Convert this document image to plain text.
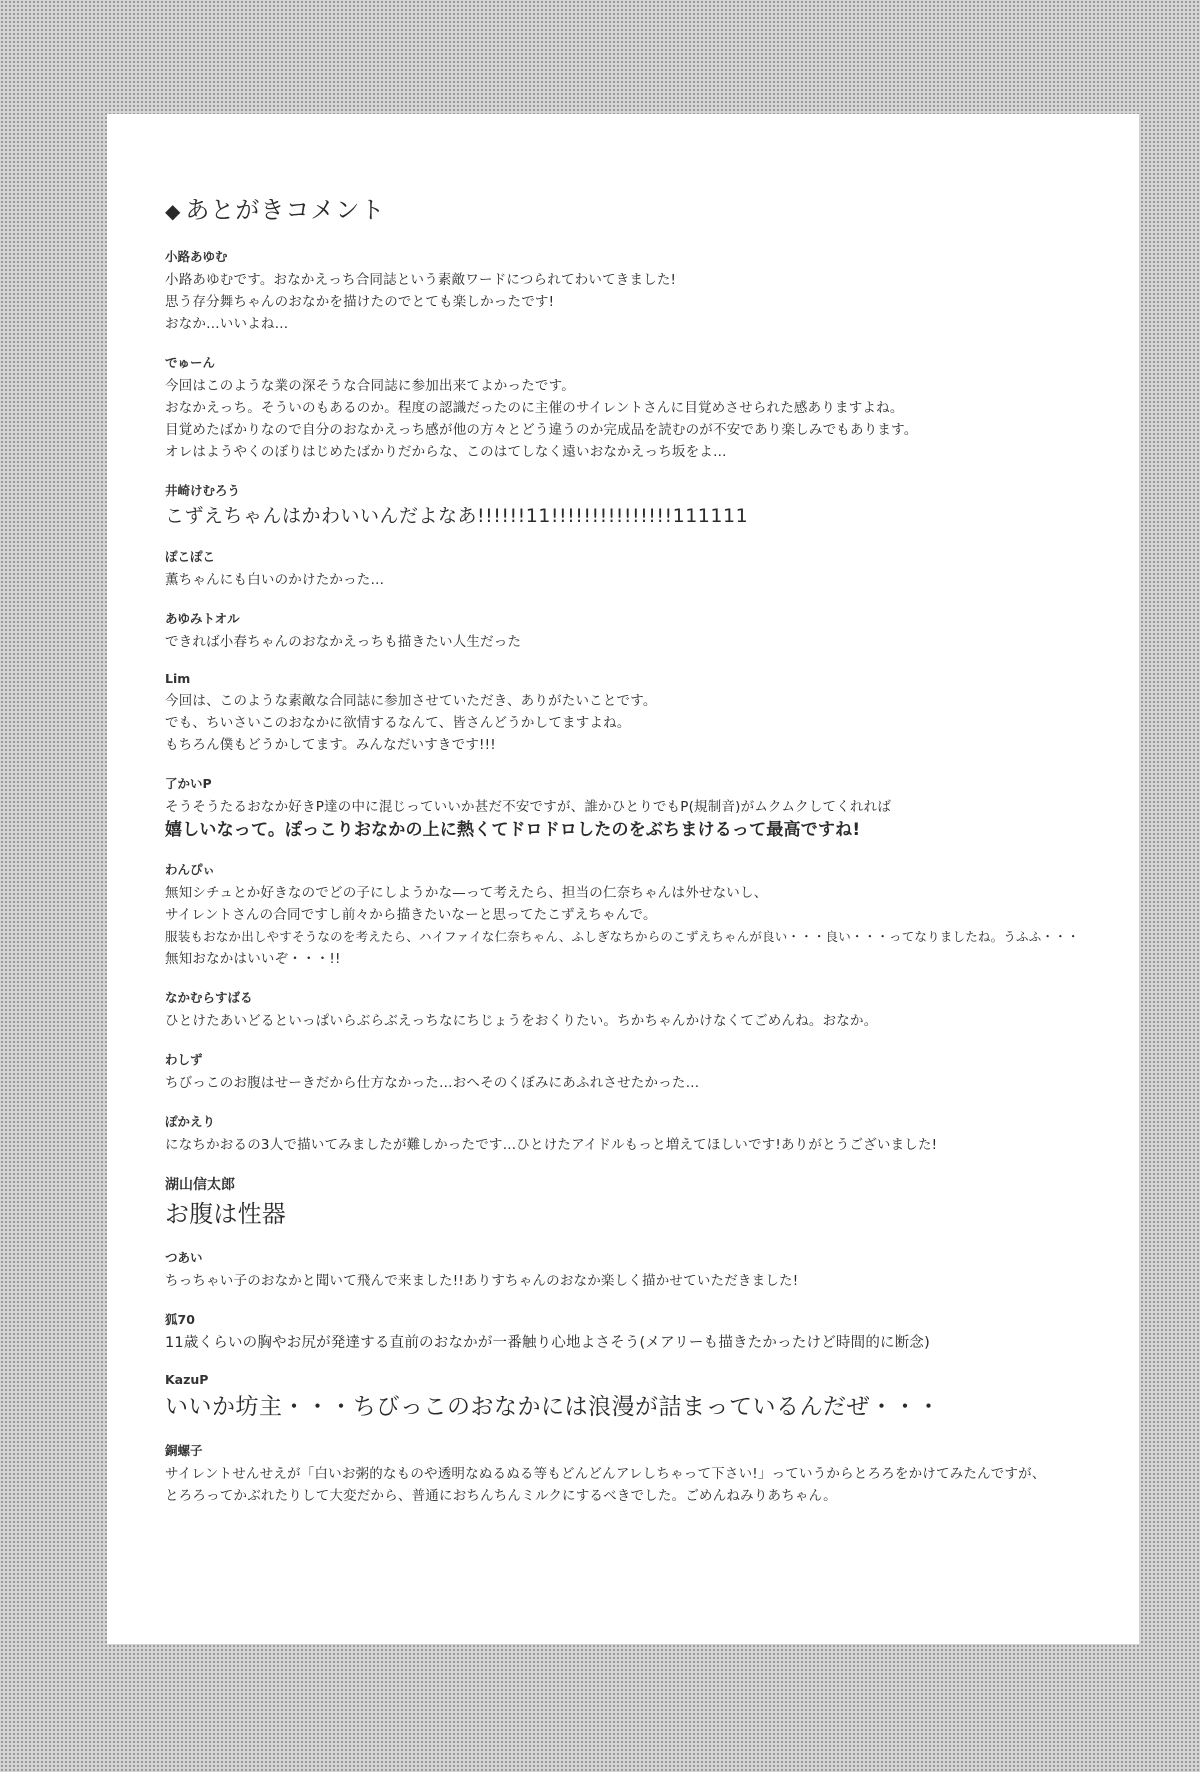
◆ あとがきコメント

小路あゆむ

小路あゆむです。おなかえっち合同誌という素敵ワードにつられてわいてきました!

思う存分舞ちゃんのおなかを描けたのでとても楽しかったです!

おなか…いいよね…

でゅーん

今回はこのような業の深そうな合同誌に参加出来てよかったです。

おなかえっち。そういのもあるのか。程度の認識だったのに主催のサイレントさんに目覚めさせられた感ありますよね。

目覚めたばかりなので自分のおなかえっち感が他の方々とどう違うのか完成品を読むのが不安であり楽しみでもあります。

オレはようやくのぼりはじめたばかりだからな、このはてしなく遠いおなかえっち坂をよ…

井崎けむろう

こずえちゃんはかわいいんだよなあ!!!!!!11!!!!!!!!!!!!!!!111111

ぽこぽこ

薫ちゃんにも白いのかけたかった…

あゆみトオル

できれば小春ちゃんのおなかえっちも描きたい人生だった

Lim

今回は、このような素敵な合同誌に参加させていただき、ありがたいことです。

でも、ちいさいこのおなかに欲情するなんて、皆さんどうかしてますよね。

もちろん僕もどうかしてます。みんなだいすきです!!!

了かいP

そうそうたるおなか好きP達の中に混じっていいか甚だ不安ですが、誰かひとりでもP(規制音)がムクムクしてくれれば

嬉しいなって。ぽっこりおなかの上に熱くてドロドロしたのをぶちまけるって最高ですね!

わんぴぃ

無知シチュとか好きなのでどの子にしようかな—って考えたら、担当の仁奈ちゃんは外せないし、

サイレントさんの合同ですし前々から描きたいなーと思ってたこずえちゃんで。

服装もおなか出しやすそうなのを考えたら、ハイファイな仁奈ちゃん、ふしぎなちからのこずえちゃんが良い・・・良い・・・ってなりましたね。うふふ・・・

無知おなかはいいぞ・・・!!

なかむらすばる

ひとけたあいどるといっぱいらぶらぶえっちなにちじょうをおくりたい。ちかちゃんかけなくてごめんね。おなか。

わしず

ちびっこのお腹はせーきだから仕方なかった…おへそのくぼみにあふれさせたかった…

ぽかえり

になちかおるの3人で描いてみましたが難しかったです…ひとけたアイドルもっと増えてほしいです!ありがとうございました!

湖山信太郎

お腹は性器

つあい

ちっちゃい子のおなかと聞いて飛んで来ました!!ありすちゃんのおなか楽しく描かせていただきました!

狐70

11歳くらいの胸やお尻が発達する直前のおなかが一番触り心地よさそう(メアリーも描きたかったけど時間的に断念)

KazuP

いいか坊主・・・ちびっこのおなかには浪漫が詰まっているんだぜ・・・

銅螺子

サイレントせんせえが「白いお粥的なものや透明なぬるぬる等もどんどんアレしちゃって下さい!」っていうからとろろをかけてみたんですが、

とろろってかぶれたりして大変だから、普通におちんちんミルクにするべきでした。ごめんねみりあちゃん。
